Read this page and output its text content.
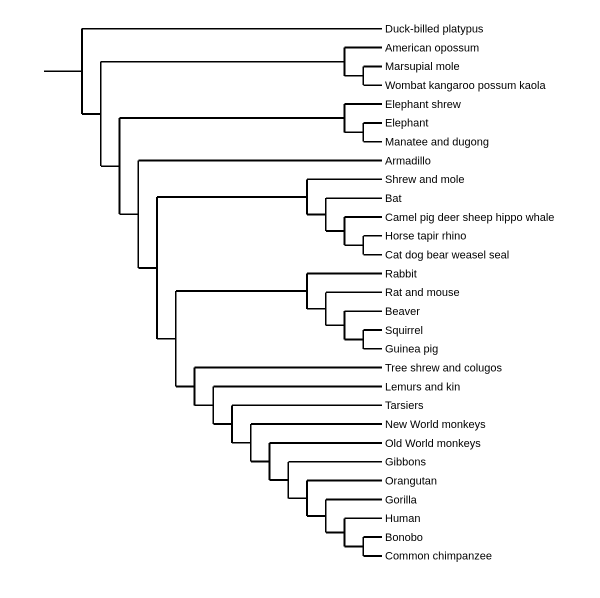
Duck-billed platypus
American opossum
Marsupial mole
Wombat kangaroo possum kaola
Elephant shrew
Elephant
Manatee and dugong
Armadillo
Shrew and mole
Bat
Camel pig deer sheep hippo whale
Horse tapir rhino
Cat dog bear weasel seal
Rabbit
Rat and mouse
Beaver
Squirrel
Guinea pig
Tree shrew and colugos
Lemurs and kin
Tarsiers
New World monkeys
Old World monkeys
Gibbons
Orangutan
Gorilla
Human
Bonobo
Common chimpanzee
